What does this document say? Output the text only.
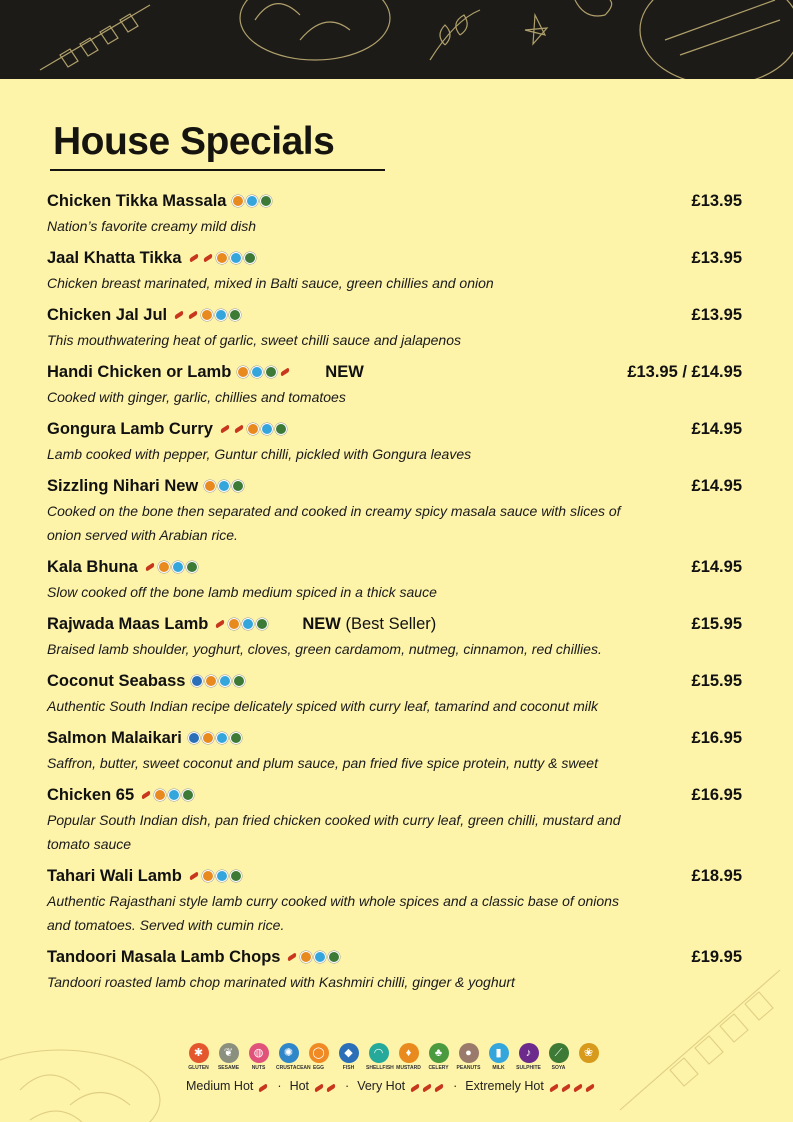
House Specials
Chicken Tikka Massala	£13.95
Nation’s favorite creamy mild dish
Jaal Khatta Tikka	£13.95
Chicken breast marinated, mixed in Balti sauce, green chillies and onion
Chicken Jal Jul	£13.95
This mouthwatering heat of garlic, sweet chilli sauce and jalapenos
Handi Chicken or Lamb	NEW	£13.95 / £14.95
Cooked with ginger, garlic, chillies and tomatoes
Gongura Lamb Curry	£14.95
Lamb cooked with pepper, Guntur chilli, pickled with Gongura leaves
Sizzling Nihari New	£14.95
Cooked on the bone then separated and cooked in creamy spicy masala sauce with slices of onion served with Arabian rice.
Kala Bhuna	£14.95
Slow cooked off the bone lamb medium spiced in a thick sauce
Rajwada Maas Lamb	NEW (Best Seller)	£15.95
Braised lamb shoulder, yoghurt, cloves, green cardamom, nutmeg, cinnamon, red chillies.
Coconut Seabass	£15.95
Authentic South Indian recipe delicately spiced with curry leaf, tamarind and coconut milk
Salmon Malaikari	£16.95
Saffron, butter, sweet coconut and plum sauce, pan fried five spice protein, nutty & sweet
Chicken 65	£16.95
Popular South Indian dish, pan fried chicken cooked with curry leaf, green chilli, mustard and tomato sauce
Tahari Wali Lamb	£18.95
Authentic Rajasthani style lamb curry cooked with whole spices and a classic base of onions and tomatoes. Served with cumin rice.
Tandoori Masala Lamb Chops	£19.95
Tandoori roasted lamb chop marinated with Kashmiri chilli, ginger & yoghurt
✱
GLUTEN
❦
SESAME
◍
NUTS
✺
CRUSTACEAN
◯
EGG
◆
FISH
◠
SHELLFISH
♦
MUSTARD
♣
CELERY
●
PEANUTS
▮
MILK
♪
SULPHITE
⟋
SOYA
❀
LUPIN
Medium Hot · Hot	· Very Hot	· Extremely Hot
